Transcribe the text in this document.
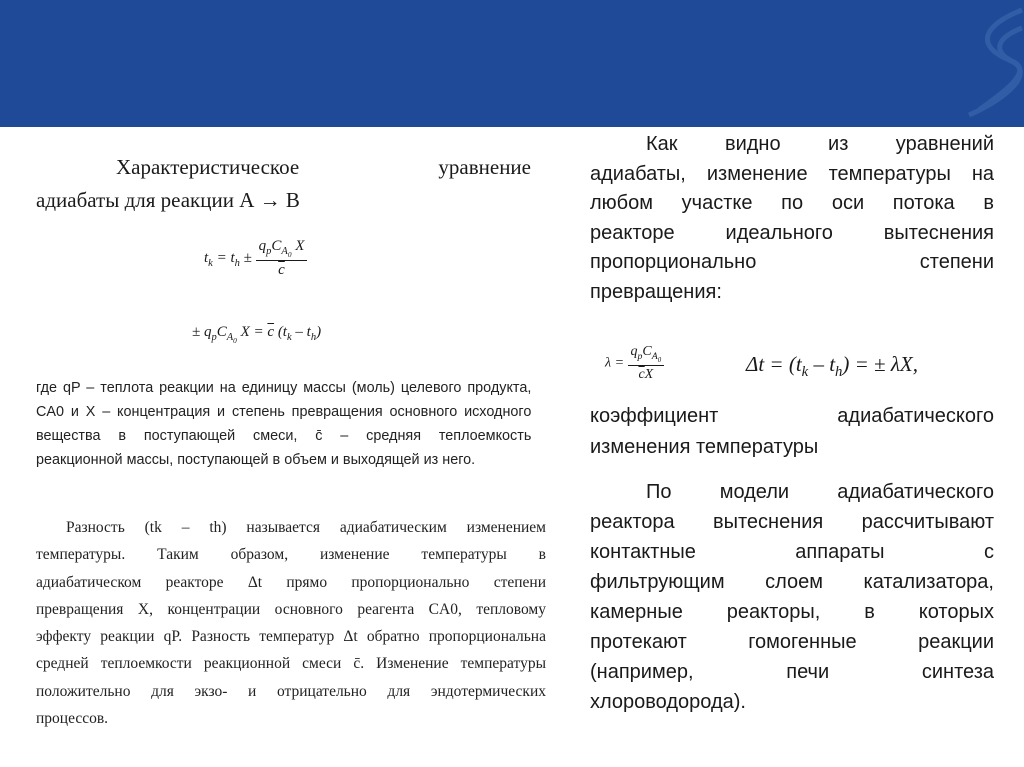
Характеристическое уравнение
адиабаты для реакции А → В
$t_k = t_h \pm \frac{q_pC_{A_0} X}{c}$
± $q_pC_{A_0}$ $X = \overline{c}$ $(t_k - t_h)$
где qP – теплота реакции на единицу массы (моль) целевого продукта,
CA0 и X – концентрация и степень превращения основного исходного
вещества в поступающей смеси, c̄ – средняя теплоемкость
реакционной массы, поступающей в объем и выходящей из него.
Разность (tk – th) называется адиабатическим изменением
температуры. Таким образом, изменение температуры в
адиабатическом реакторе Δt прямо пропорционально степени
превращения X, концентрации основного реагента CA0, тепловому
эффекту реакции qP. Разность температур Δt обратно пропорциональна
средней теплоемкости реакционной смеси c̄. Изменение температуры
положительно для экзо- и отрицательно для эндотермических
процессов.
Как видно из уравнений
адиабаты, изменение температуры на
любом участке по оси потока в
реакторе идеального вытеснения
пропорционально степени
превращения:
$\lambda = \frac{q_pC_{A_0}}{\overline{c}X}$	$\Delta t = (t_k - t_h)$ = ± λX,
коэффициент адиабатического
изменения температуры
По модели адиабатического
реактора вытеснения рассчитывают
контактные аппараты с
фильтрующим слоем катализатора,
камерные реакторы, в которых
протекают гомогенные реакции
(например, печи синтеза
хлороводорода).
